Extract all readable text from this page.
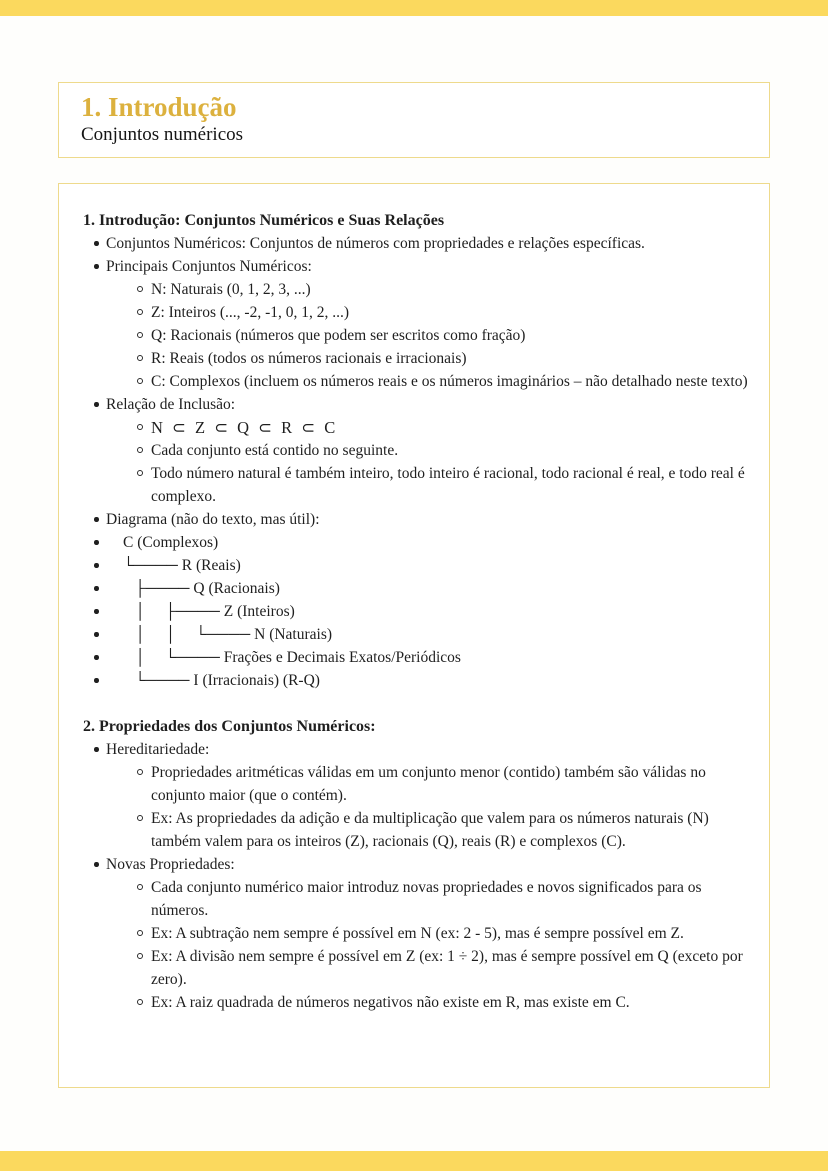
1. Introdução

Conjuntos numéricos

1. Introdução: Conjuntos Numéricos e Suas Relações

Conjuntos Numéricos: Conjuntos de números com propriedades e relações específicas.

Principais Conjuntos Numéricos:

N: Naturais (0, 1, 2, 3, ...)

Z: Inteiros (..., -2, -1, 0, 1, 2, ...)

Q: Racionais (números que podem ser escritos como fração)

R: Reais (todos os números racionais e irracionais)

C: Complexos (incluem os números reais e os números imaginários – não detalhado neste texto)

Relação de Inclusão:

N ⊂ Z ⊂ Q ⊂ R ⊂ C

Cada conjunto está contido no seguinte.

Todo número natural é também inteiro, todo inteiro é racional, todo racional é real, e todo real é complexo.

Diagrama (não do texto, mas útil):

C (Complexos)

└──── R (Reais)

├──── Q (Racionais)

│     ├──── Z (Inteiros)

│     │     └──── N (Naturais)

│     └──── Frações e Decimais Exatos/Periódicos

└──── I (Irracionais) (R-Q)

2. Propriedades dos Conjuntos Numéricos:

Hereditariedade:

Propriedades aritméticas válidas em um conjunto menor (contido) também são válidas no conjunto maior (que o contém).

Ex: As propriedades da adição e da multiplicação que valem para os números naturais (N) também valem para os inteiros (Z), racionais (Q), reais (R) e complexos (C).

Novas Propriedades:

Cada conjunto numérico maior introduz novas propriedades e novos significados para os números.

Ex: A subtração nem sempre é possível em N (ex: 2 - 5), mas é sempre possível em Z.

Ex: A divisão nem sempre é possível em Z (ex: 1 ÷ 2), mas é sempre possível em Q (exceto por zero).

Ex: A raiz quadrada de números negativos não existe em R, mas existe em C.
